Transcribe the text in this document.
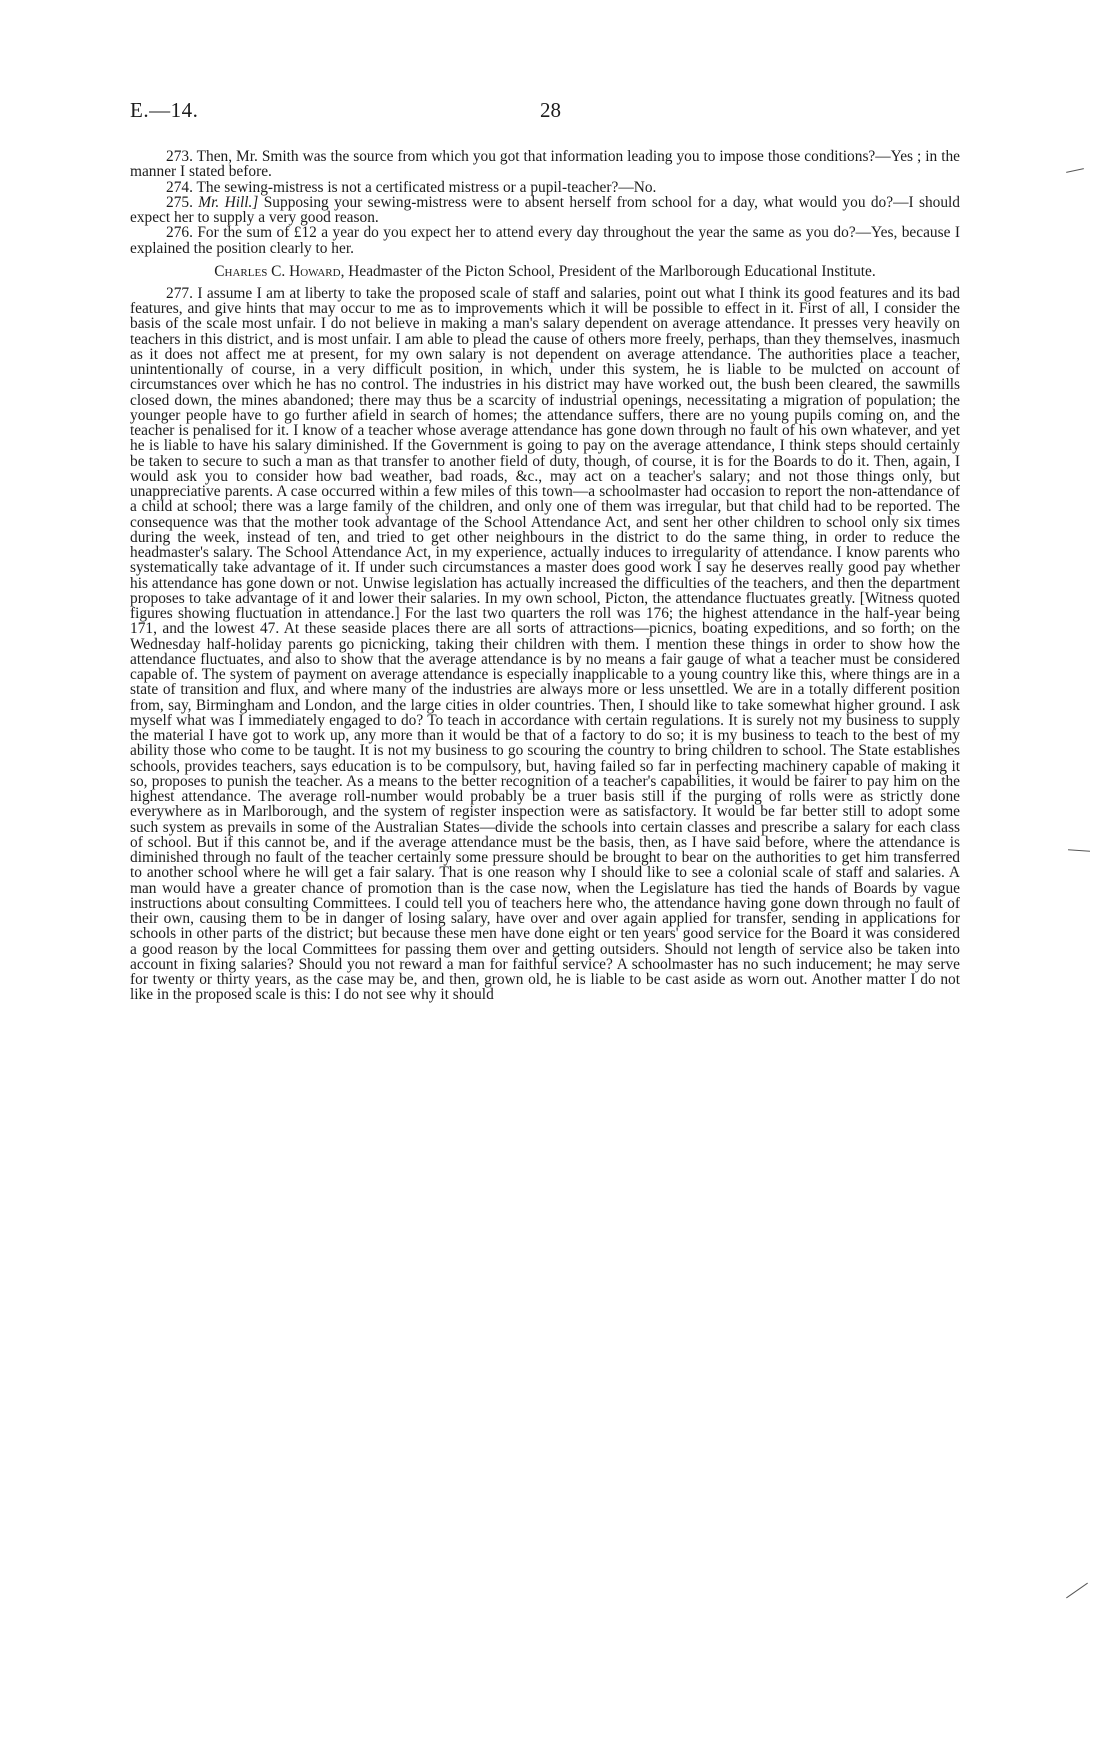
E.—14.	28

273. Then, Mr. Smith was the source from which you got that information leading you to impose those conditions?—Yes ; in the manner I stated before.

274. The sewing-mistress is not a certificated mistress or a pupil-teacher?—No.

275. Mr. Hill.] Supposing your sewing-mistress were to absent herself from school for a day, what would you do?—I should expect her to supply a very good reason.

276. For the sum of £12 a year do you expect her to attend every day throughout the year the same as you do?—Yes, because I explained the position clearly to her.

Charles C. Howard, Headmaster of the Picton School, President of the Marlborough Educational Institute.

277. I assume I am at liberty to take the proposed scale of staff and salaries, point out what I think its good features and its bad features, and give hints that may occur to me as to improvements which it will be possible to effect in it. First of all, I consider the basis of the scale most unfair. I do not believe in making a man's salary dependent on average attendance. It presses very heavily on teachers in this district, and is most unfair. I am able to plead the cause of others more freely, perhaps, than they themselves, inasmuch as it does not affect me at present, for my own salary is not dependent on average attendance. The authorities place a teacher, unintentionally of course, in a very difficult position, in which, under this system, he is liable to be mulcted on account of circumstances over which he has no control. The industries in his district may have worked out, the bush been cleared, the sawmills closed down, the mines abandoned; there may thus be a scarcity of industrial openings, necessitating a migration of population; the younger people have to go further afield in search of homes; the attendance suffers, there are no young pupils coming on, and the teacher is penalised for it. I know of a teacher whose average attendance has gone down through no fault of his own whatever, and yet he is liable to have his salary diminished. If the Government is going to pay on the average attendance, I think steps should certainly be taken to secure to such a man as that transfer to another field of duty, though, of course, it is for the Boards to do it. Then, again, I would ask you to consider how bad weather, bad roads, &c., may act on a teacher's salary; and not those things only, but unappreciative parents. A case occurred within a few miles of this town—a schoolmaster had occasion to report the non-attendance of a child at school; there was a large family of the children, and only one of them was irregular, but that child had to be reported. The consequence was that the mother took advantage of the School Attendance Act, and sent her other children to school only six times during the week, instead of ten, and tried to get other neighbours in the district to do the same thing, in order to reduce the headmaster's salary. The School Attendance Act, in my experience, actually induces to irregularity of attendance. I know parents who systematically take advantage of it. If under such circumstances a master does good work I say he deserves really good pay whether his attendance has gone down or not. Unwise legislation has actually increased the difficulties of the teachers, and then the department proposes to take advantage of it and lower their salaries. In my own school, Picton, the attendance fluctuates greatly. [Witness quoted figures showing fluctuation in attendance.] For the last two quarters the roll was 176; the highest attendance in the half-year being 171, and the lowest 47. At these seaside places there are all sorts of attractions—picnics, boating expeditions, and so forth; on the Wednesday half-holiday parents go picnicking, taking their children with them. I mention these things in order to show how the attendance fluctuates, and also to show that the average attendance is by no means a fair gauge of what a teacher must be considered capable of. The system of payment on average attendance is especially inapplicable to a young country like this, where things are in a state of transition and flux, and where many of the industries are always more or less unsettled. We are in a totally different position from, say, Birmingham and London, and the large cities in older countries. Then, I should like to take somewhat higher ground. I ask myself what was I immediately engaged to do? To teach in accordance with certain regulations. It is surely not my business to supply the material I have got to work up, any more than it would be that of a factory to do so; it is my business to teach to the best of my ability those who come to be taught. It is not my business to go scouring the country to bring children to school. The State establishes schools, provides teachers, says education is to be compulsory, but, having failed so far in perfecting machinery capable of making it so, proposes to punish the teacher. As a means to the better recognition of a teacher's capabilities, it would be fairer to pay him on the highest attendance. The average roll-number would probably be a truer basis still if the purging of rolls were as strictly done everywhere as in Marlborough, and the system of register inspection were as satisfactory. It would be far better still to adopt some such system as prevails in some of the Australian States—divide the schools into certain classes and prescribe a salary for each class of school. But if this cannot be, and if the average attendance must be the basis, then, as I have said before, where the attendance is diminished through no fault of the teacher certainly some pressure should be brought to bear on the authorities to get him transferred to another school where he will get a fair salary. That is one reason why I should like to see a colonial scale of staff and salaries. A man would have a greater chance of promotion than is the case now, when the Legislature has tied the hands of Boards by vague instructions about consulting Committees. I could tell you of teachers here who, the attendance having gone down through no fault of their own, causing them to be in danger of losing salary, have over and over again applied for transfer, sending in applications for schools in other parts of the district; but because these men have done eight or ten years' good service for the Board it was considered a good reason by the local Committees for passing them over and getting outsiders. Should not length of service also be taken into account in fixing salaries? Should you not reward a man for faithful service? A schoolmaster has no such inducement; he may serve for twenty or thirty years, as the case may be, and then, grown old, he is liable to be cast aside as worn out. Another matter I do not like in the proposed scale is this: I do not see why it should
